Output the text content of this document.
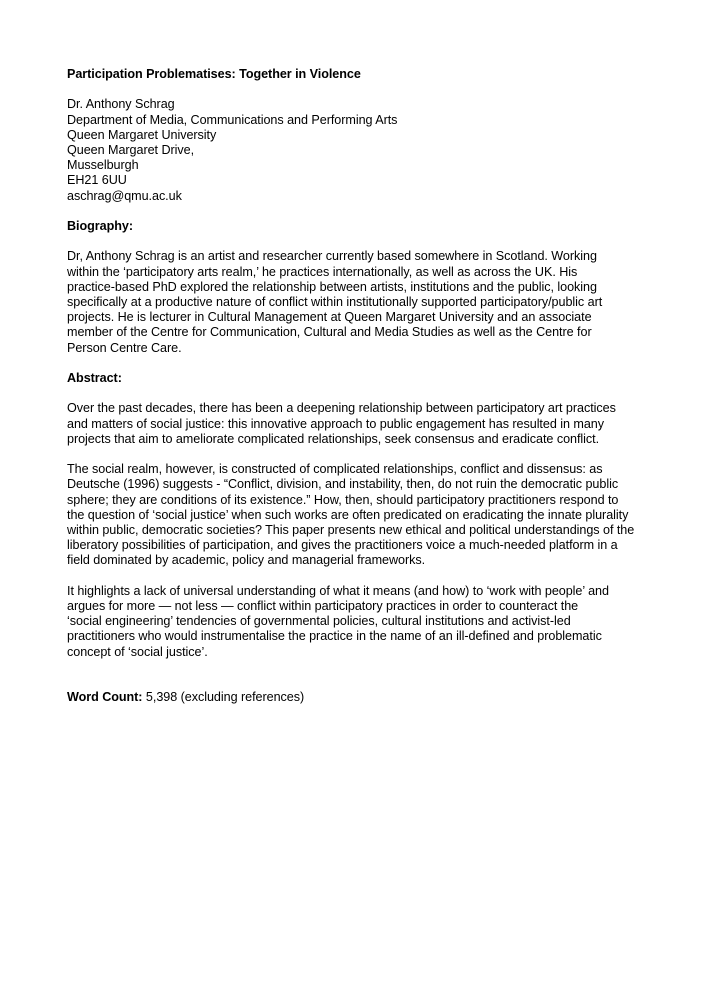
Participation Problematises: Together in Violence
Dr. Anthony Schrag
Department of Media, Communications and Performing Arts
Queen Margaret University
Queen Margaret Drive,
Musselburgh
EH21 6UU
aschrag@qmu.ac.uk
Biography:
Dr, Anthony Schrag is an artist and researcher currently based somewhere in Scotland. Working
within the ‘participatory arts realm,’ he practices internationally, as well as across the UK. His
practice-based PhD explored the relationship between artists, institutions and the public, looking
specifically at a productive nature of conflict within institutionally supported participatory/public art
projects. He is lecturer in Cultural Management at Queen Margaret University and an associate
member of the Centre for Communication, Cultural and Media Studies as well as the Centre for
Person Centre Care.
Abstract:
Over the past decades, there has been a deepening relationship between participatory art practices
and matters of social justice: this innovative approach to public engagement has resulted in many
projects that aim to ameliorate complicated relationships, seek consensus and eradicate conflict.
The social realm, however, is constructed of complicated relationships, conflict and dissensus: as
Deutsche (1996) suggests - “Conflict, division, and instability, then, do not ruin the democratic public
sphere; they are conditions of its existence.” How, then, should participatory practitioners respond to
the question of ‘social justice’ when such works are often predicated on eradicating the innate plurality
within public, democratic societies? This paper presents new ethical and political understandings of the
liberatory possibilities of participation, and gives the practitioners voice a much-needed platform in a
field dominated by academic, policy and managerial frameworks.
It highlights a lack of universal understanding of what it means (and how) to ‘work with people’ and
argues for more — not less — conflict within participatory practices in order to counteract the
‘social engineering’ tendencies of governmental policies, cultural institutions and activist-led
practitioners who would instrumentalise the practice in the name of an ill-defined and problematic
concept of ‘social justice’.
Word Count: 5,398 (excluding references)
